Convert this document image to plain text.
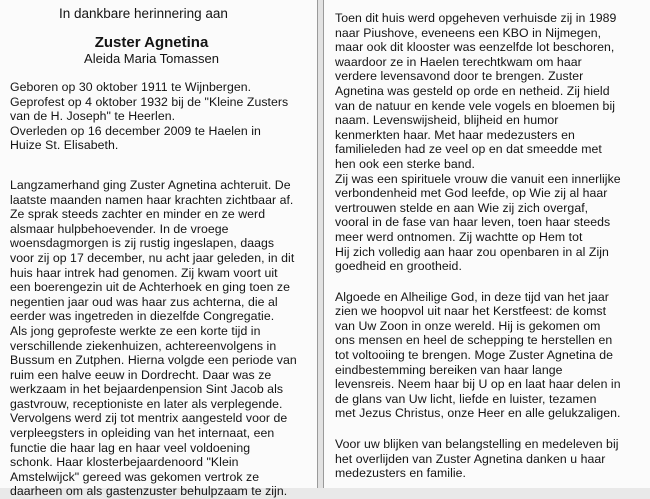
In dankbare herinnering aan
Zuster Agnetina
Aleida Maria Tomassen
Geboren op 30 oktober 1911 te Wijnbergen.
Geprofest op 4 oktober 1932 bij de "Kleine Zusters
van de H. Joseph" te Heerlen.
Overleden op 16 december 2009 te Haelen in
Huize St. Elisabeth.
Langzamerhand ging Zuster Agnetina achteruit. De
laatste maanden namen haar krachten zichtbaar af.
Ze sprak steeds zachter en minder en ze werd
alsmaar hulpbehoevender. In de vroege
woensdagmorgen is zij rustig ingeslapen, daags
voor zij op 17 december, nu acht jaar geleden, in dit
huis haar intrek had genomen. Zij kwam voort uit
een boerengezin uit de Achterhoek en ging toen ze
negentien jaar oud was haar zus achterna, die al
eerder was ingetreden in diezelfde Congregatie.
Als jong geprofeste werkte ze een korte tijd in
verschillende ziekenhuizen, achtereenvolgens in
Bussum en Zutphen. Hierna volgde een periode van
ruim een halve eeuw in Dordrecht. Daar was ze
werkzaam in het bejaardenpension Sint Jacob als
gastvrouw, receptioniste en later als verplegende.
Vervolgens werd zij tot mentrix aangesteld voor de
verpleegsters in opleiding van het internaat, een
functie die haar lag en haar veel voldoening
schonk. Haar klosterbejaardenoord "Klein
Amstelwijck" gereed was gekomen vertrok ze
daarheen om als gastenzuster behulpzaam te zijn.
Toen dit huis werd opgeheven verhuisde zij in 1989
naar Piushove, eveneens een KBO in Nijmegen,
maar ook dit klooster was eenzelfde lot beschoren,
waardoor ze in Haelen terechtkwam om haar
verdere levensavond door te brengen. Zuster
Agnetina was gesteld op orde en netheid. Zij hield
van de natuur en kende vele vogels en bloemen bij
naam. Levenswijsheid, blijheid en humor
kenmerkten haar. Met haar medezusters en
familieleden had ze veel op en dat smeedde met
hen ook een sterke band.
Zij was een spirituele vrouw die vanuit een innerlijke
verbondenheid met God leefde, op Wie zij al haar
vertrouwen stelde en aan Wie zij zich overgaf,
vooral in de fase van haar leven, toen haar steeds
meer werd ontnomen. Zij wachtte op Hem tot
Hij zich volledig aan haar zou openbaren in al Zijn
goedheid en grootheid.
Algoede en Alheilige God, in deze tijd van het jaar
zien we hoopvol uit naar het Kerstfeest: de komst
van Uw Zoon in onze wereld. Hij is gekomen om
ons mensen en heel de schepping te herstellen en
tot voltooiing te brengen. Moge Zuster Agnetina de
eindbestemming bereiken van haar lange
levensreis. Neem haar bij U op en laat haar delen in
de glans van Uw licht, liefde en luister, tezamen
met Jezus Christus, onze Heer en alle gelukzaligen.
Voor uw blijken van belangstelling en medeleven bij
het overlijden van Zuster Agnetina danken u haar
medezusters en familie.
